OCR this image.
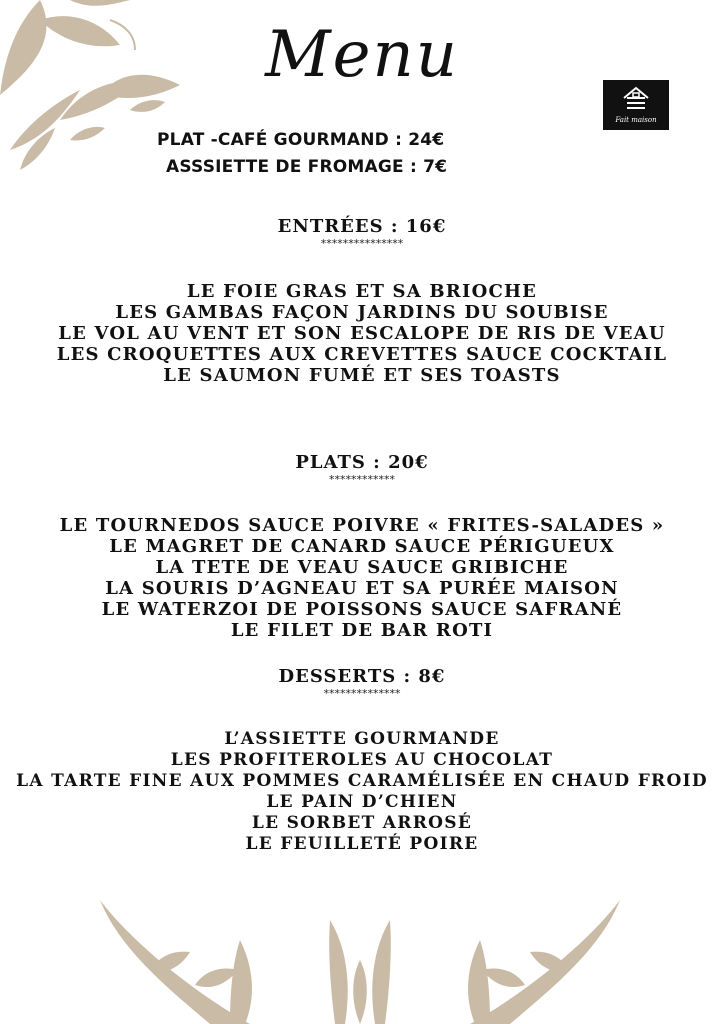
Menu
Fait maison
PLAT -CAFÉ GOURMAND : 24€
ASSSIETTE DE FROMAGE : 7€
ENTRÉES : 16€
***************
LE FOIE GRAS ET SA BRIOCHE
LES GAMBAS FAÇON JARDINS DU SOUBISE
LE VOL AU VENT ET SON ESCALOPE DE RIS DE VEAU
LES CROQUETTES AUX CREVETTES SAUCE COCKTAIL
LE SAUMON FUMÉ ET SES TOASTS
PLATS : 20€
************
LE TOURNEDOS SAUCE POIVRE « FRITES-SALADES »
LE MAGRET DE CANARD SAUCE PÉRIGUEUX
LA TETE DE VEAU SAUCE GRIBICHE
LA SOURIS D’AGNEAU ET SA PURÉE MAISON
LE WATERZOI DE POISSONS SAUCE SAFRANÉ
LE FILET DE BAR ROTI
DESSERTS : 8€
**************
L’ASSIETTE GOURMANDE
LES PROFITEROLES AU CHOCOLAT
LA TARTE FINE AUX POMMES CARAMÉLISÉE EN CHAUD FROID
LE PAIN D’CHIEN
LE SORBET ARROSÉ
LE FEUILLETÉ POIRE
